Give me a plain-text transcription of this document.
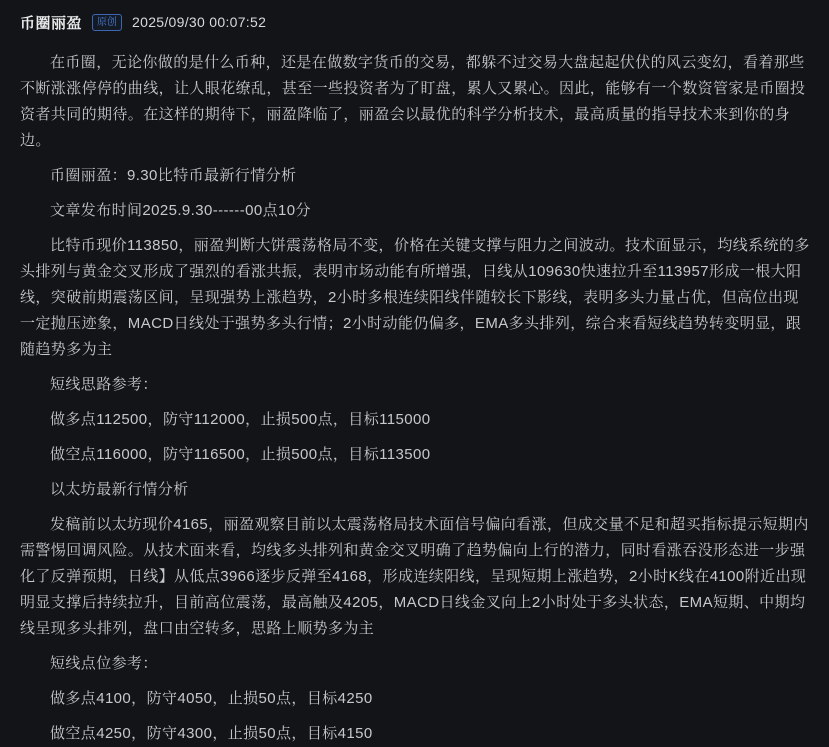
币圈丽盈	原创	2025/09/30 00:07:52

在币圈，无论你做的是什么币种，还是在做数字货币的交易，都躲不过交易大盘起起伏伏的风云变幻，看着那些不断涨涨停停的曲线，让人眼花缭乱，甚至一些投资者为了盯盘，累人又累心。因此，能够有一个数资管家是币圈投资者共同的期待。在这样的期待下，丽盈降临了，丽盈会以最优的科学分析技术，最高质量的指导技术来到你的身边。

币圈丽盈：9.30比特币最新行情分析

文章发布时间2025.9.30------00点10分

比特币现价113850，丽盈判断大饼震荡格局不变，价格在关键支撑与阻力之间波动。技术面显示，均线系统的多头排列与黄金交叉形成了强烈的看涨共振，表明市场动能有所增强，日线从109630快速拉升至113957形成一根大阳线，突破前期震荡区间，呈现强势上涨趋势，2小时多根连续阳线伴随较长下影线，表明多头力量占优，但高位出现一定抛压迹象，MACD日线处于强势多头行情；2小时动能仍偏多，EMA多头排列，综合来看短线趋势转变明显，跟随趋势多为主

短线思路参考：

做多点112500，防守112000，止损500点，目标115000

做空点116000，防守116500，止损500点，目标113500

以太坊最新行情分析

发稿前以太坊现价4165，丽盈观察目前以太震荡格局技术面信号偏向看涨，但成交量不足和超买指标提示短期内需警惕回调风险。从技术面来看，均线多头排列和黄金交叉明确了趋势偏向上行的潜力，同时看涨吞没形态进一步强化了反弹预期，日线】从低点3966逐步反弹至4168，形成连续阳线，呈现短期上涨趋势，2小时K线在4100附近出现明显支撑后持续拉升，目前高位震荡，最高触及4205，MACD日线金叉向上2小时处于多头状态，EMA短期、中期均线呈现多头排列，盘口由空转多，思路上顺势多为主

短线点位参考：

做多点4100，防守4050，止损50点，目标4250

做空点4250，防守4300，止损50点，目标4150
